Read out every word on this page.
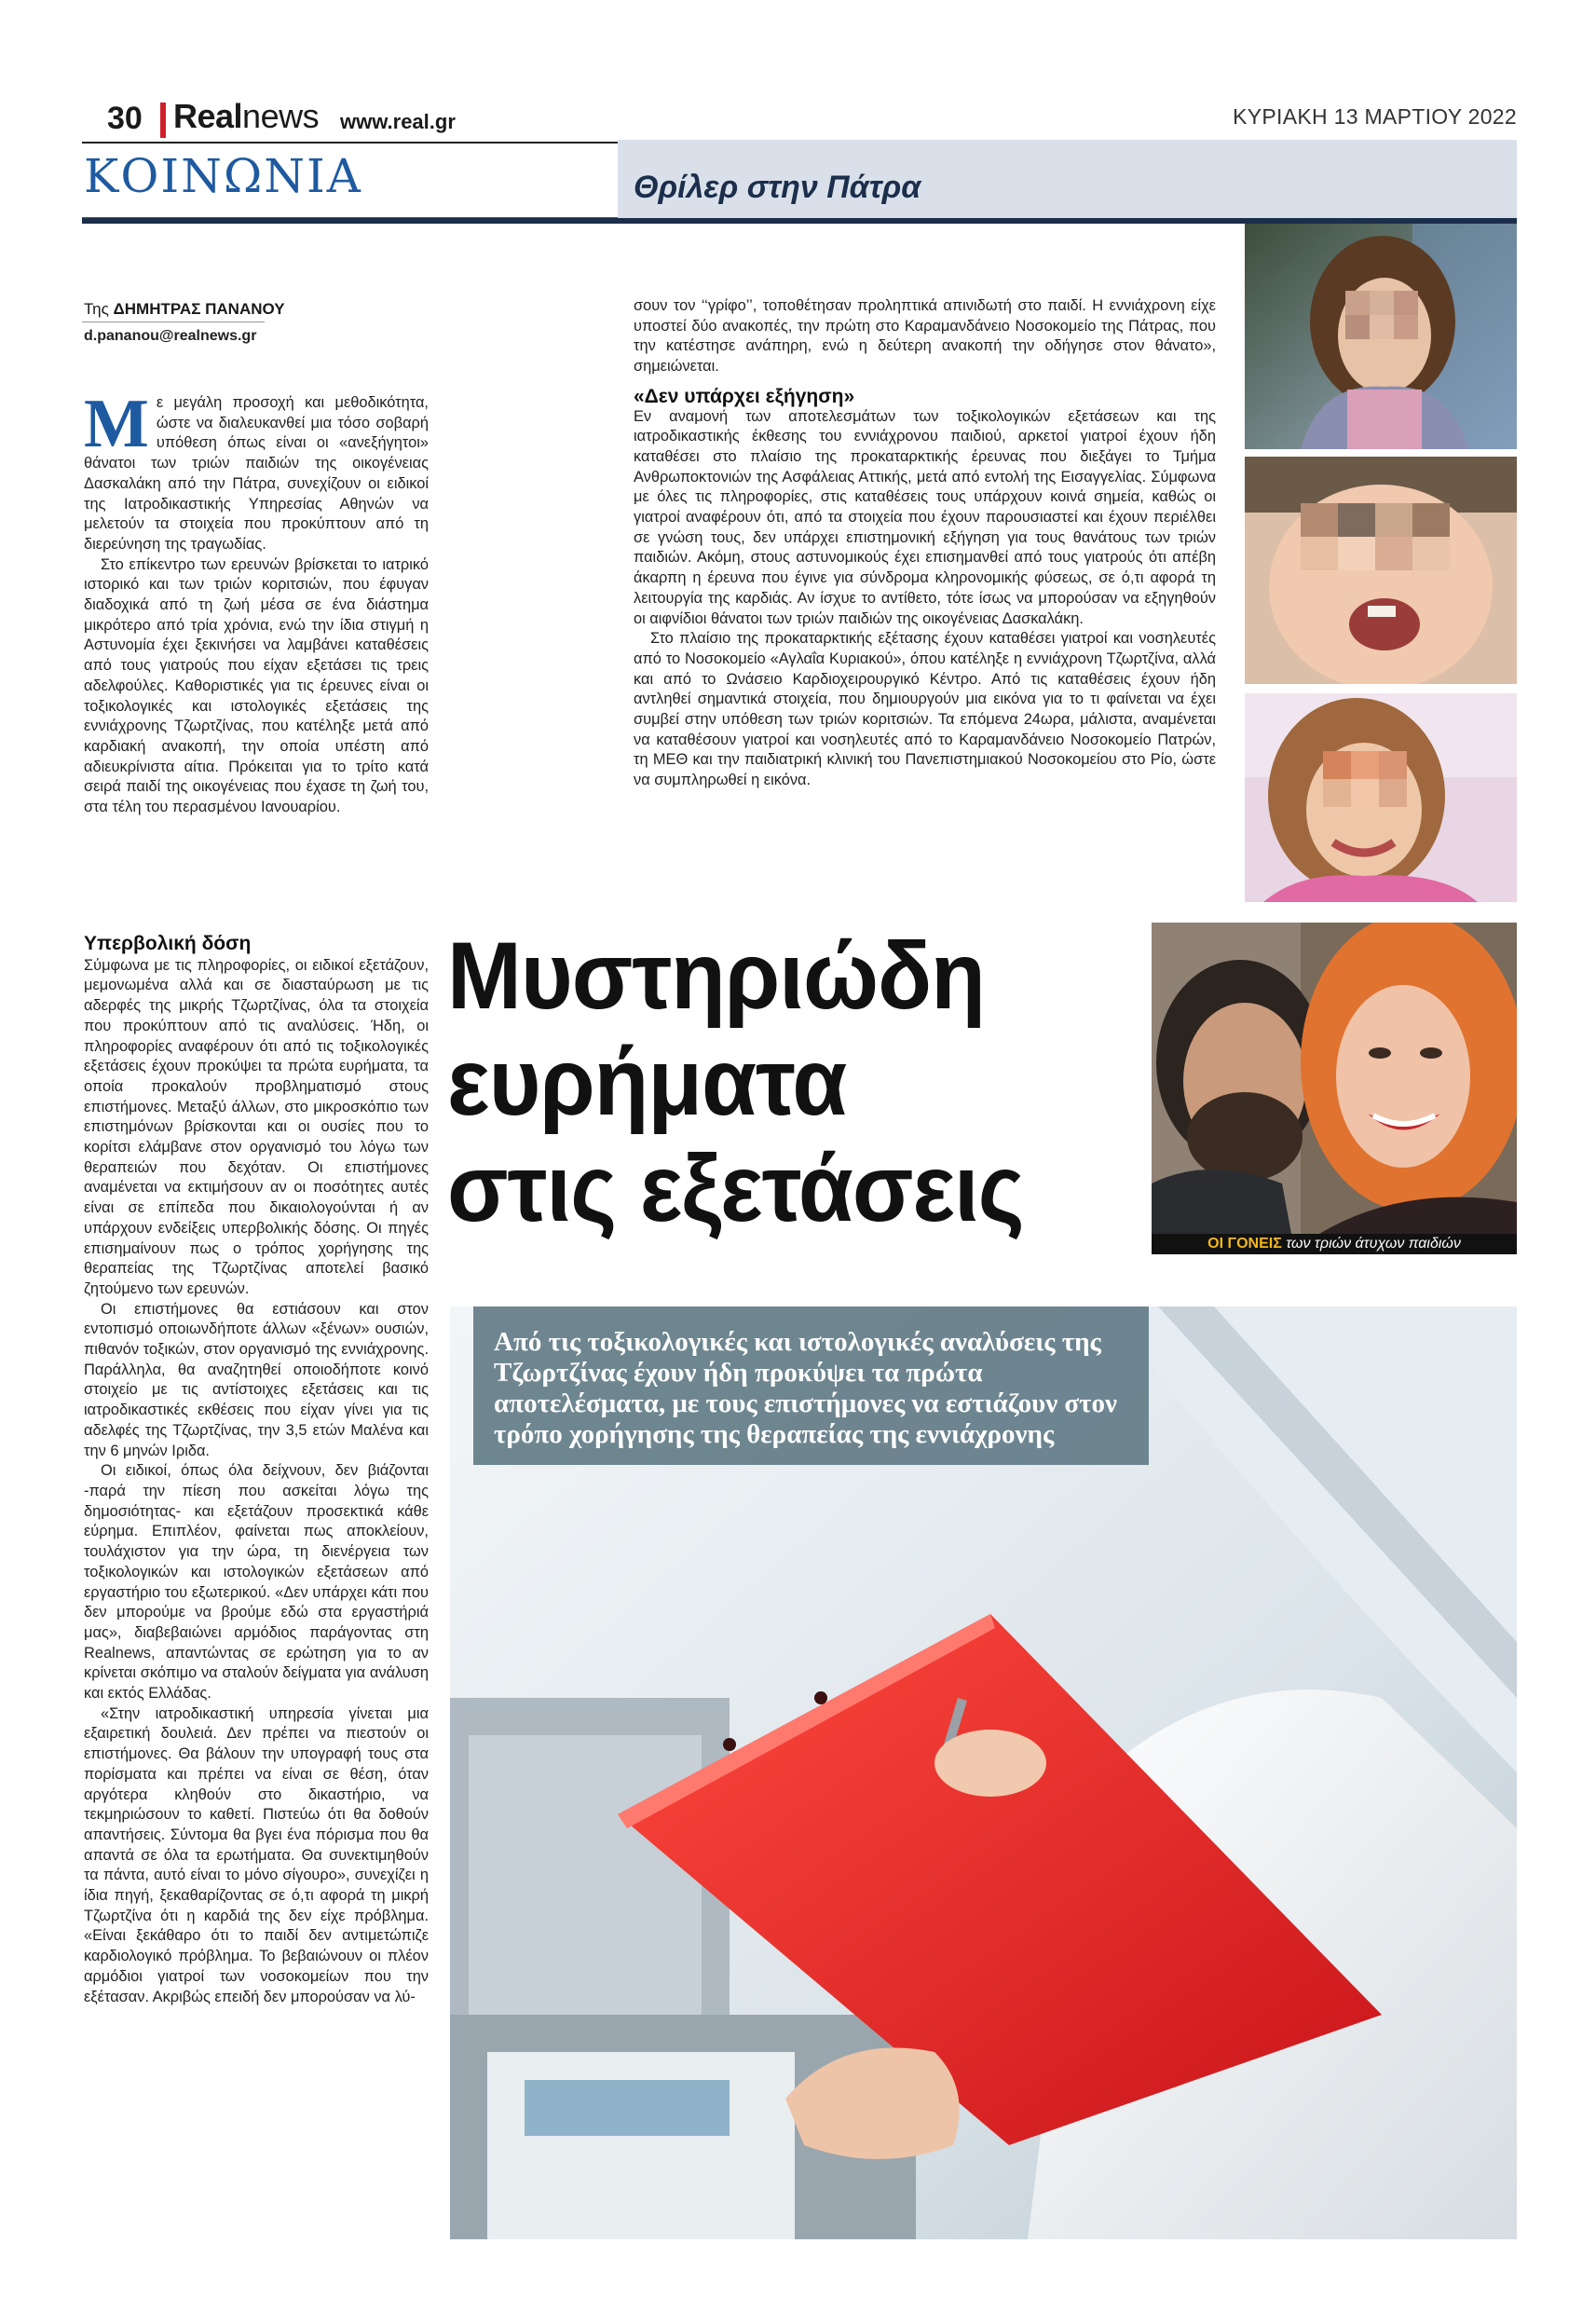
30 Realnews www.real.gr	ΚΥΡΙΑΚΗ 13 ΜΑΡΤΙΟΥ 2022
ΚΟΙΝΩΝΙΑ	Θρίλερ στην Πάτρα
Της ΔΗΜΗΤΡΑΣ ΠΑΝΑΝΟΥ
d.pananou@realnews.gr
Μ ε μεγάλη προσοχή και μεθοδικότητα, ώστε να διαλευκανθεί μια τόσο σοβαρή υπόθεση όπως είναι οι «ανεξήγητοι» θάνατοι των τριών παιδιών της οικογένειας Δασκαλάκη από την Πάτρα, συνεχίζουν οι ειδικοί της Ιατροδικαστικής Υπηρεσίας Αθηνών να μελετούν τα στοιχεία που προκύπτουν από τη διερεύνηση της τραγωδίας.

Στο επίκεντρο των ερευνών βρίσκεται το ιατρικό ιστορικό και των τριών κοριτσιών, που έφυγαν διαδοχικά από τη ζωή μέσα σε ένα διάστημα μικρότερο από τρία χρόνια, ενώ την ίδια στιγμή η Αστυνομία έχει ξεκινήσει να λαμβάνει καταθέσεις από τους γιατρούς που είχαν εξετάσει τις τρεις αδελφούλες. Καθοριστικές για τις έρευνες είναι οι τοξικολογικές και ιστολογικές εξετάσεις της εννιάχρονης Τζωρτζίνας, που κατέληξε μετά από καρδιακή ανακοπή, την οποία υπέστη από αδιευκρίνιστα αίτια. Πρόκειται για το τρίτο κατά σειρά παιδί της οικογένειας που έχασε τη ζωή του, στα τέλη του περασμένου Ιανουαρίου.

Υπερβολική δόση

Σύμφωνα με τις πληροφορίες, οι ειδικοί εξετάζουν, μεμονωμένα αλλά και σε διασταύρωση με τις αδερφές της μικρής Τζωρτζίνας, όλα τα στοιχεία που προκύπτουν από τις αναλύσεις. Ήδη, οι πληροφορίες αναφέρουν ότι από τις τοξικολογικές εξετάσεις έχουν προκύψει τα πρώτα ευρήματα, τα οποία προκαλούν προβληματισμό στους επιστήμονες. Μεταξύ άλλων, στο μικροσκόπιο των επιστημόνων βρίσκονται και οι ουσίες που το κορίτσι ελάμβανε στον οργανισμό του λόγω των θεραπειών που δεχόταν. Οι επιστήμονες αναμένεται να εκτιμήσουν αν οι ποσότητες αυτές είναι σε επίπεδα που δικαιολογούνται ή αν υπάρχουν ενδείξεις υπερβολικής δόσης. Οι πηγές επισημαίνουν πως ο τρόπος χορήγησης της θεραπείας της Τζωρτζίνας αποτελεί βασικό ζητούμενο των ερευνών.

Οι επιστήμονες θα εστιάσουν και στον εντοπισμό οποιωνδήποτε άλλων «ξένων» ουσιών, πιθανόν τοξικών, στον οργανισμό της εννιάχρονης. Παράλληλα, θα αναζητηθεί οποιοδήποτε κοινό στοιχείο με τις αντίστοιχες εξετάσεις και τις ιατροδικαστικές εκθέσεις που είχαν γίνει για τις αδελφές της Τζωρτζίνας, την 3,5 ετών Μαλένα και την 6 μηνών Ιριδα.

Οι ειδικοί, όπως όλα δείχνουν, δεν βιάζονται -παρά την πίεση που ασκείται λόγω της δημοσιότητας- και εξετάζουν προσεκτικά κάθε εύρημα. Επιπλέον, φαίνεται πως αποκλείουν, τουλάχιστον για την ώρα, τη διενέργεια των τοξικολογικών και ιστολογικών εξετάσεων από εργαστήριο του εξωτερικού. «Δεν υπάρχει κάτι που δεν μπορούμε να βρούμε εδώ στα εργαστήριά μας», διαβεβαιώνει αρμόδιος παράγοντας στη Realnews, απαντώντας σε ερώτηση για το αν κρίνεται σκόπιμο να σταλούν δείγματα για ανάλυση και εκτός Ελλάδας.

«Στην ιατροδικαστική υπηρεσία γίνεται μια εξαιρετική δουλειά. Δεν πρέπει να πιεστούν οι επιστήμονες. Θα βάλουν την υπογραφή τους στα πορίσματα και πρέπει να είναι σε θέση, όταν αργότερα κληθούν στο δικαστήριο, να τεκμηριώσουν το καθετί. Πιστεύω ότι θα δοθούν απαντήσεις. Σύντομα θα βγει ένα πόρισμα που θα απαντά σε όλα τα ερωτήματα. Θα συνεκτιμηθούν τα πάντα, αυτό είναι το μόνο σίγουρο», συνεχίζει η ίδια πηγή, ξεκαθαρίζοντας σε ό,τι αφορά τη μικρή Τζωρτζίνα ότι η καρδιά της δεν είχε πρόβλημα. «Είναι ξεκάθαρο ότι το παιδί δεν αντιμετώπιζε καρδιολογικό πρόβλημα. Το βεβαιώνουν οι πλέον αρμόδιοι γιατροί των νοσοκομείων που την εξέτασαν. Ακριβώς επειδή δεν μπορούσαν να λύ-

σουν τον ‘‘γρίφο’’, τοποθέτησαν προληπτικά απινιδωτή στο παιδί. Η εννιάχρονη είχε υποστεί δύο ανακοπές, την πρώτη στο Καραμανδάνειο Νοσοκομείο της Πάτρας, που την κατέστησε ανάπηρη, ενώ η δεύτερη ανακοπή την οδήγησε στον θάνατο», σημειώνεται.

«Δεν υπάρχει εξήγηση»

Εν αναμονή των αποτελεσμάτων των τοξικολογικών εξετάσεων και της ιατροδικαστικής έκθεσης του εννιάχρονου παιδιού, αρκετοί γιατροί έχουν ήδη καταθέσει στο πλαίσιο της προκαταρκτικής έρευνας που διεξάγει το Τμήμα Ανθρωποκτονιών της Ασφάλειας Αττικής, μετά από εντολή της Εισαγγελίας. Σύμφωνα με όλες τις πληροφορίες, στις καταθέσεις τους υπάρχουν κοινά σημεία, καθώς οι γιατροί αναφέρουν ότι, από τα στοιχεία που έχουν παρουσιαστεί και έχουν περιέλθει σε γνώση τους, δεν υπάρχει επιστημονική εξήγηση για τους θανάτους των τριών παιδιών. Ακόμη, στους αστυνομικούς έχει επισημανθεί από τους γιατρούς ότι απέβη άκαρπη η έρευνα που έγινε για σύνδρομα κληρονομικής φύσεως, σε ό,τι αφορά τη λειτουργία της καρδιάς. Αν ίσχυε το αντίθετο, τότε ίσως να μπορούσαν να εξηγηθούν οι αιφνίδιοι θάνατοι των τριών παιδιών της οικογένειας Δασκαλάκη.

Στο πλαίσιο της προκαταρκτικής εξέτασης έχουν καταθέσει γιατροί και νοσηλευτές από το Νοσοκομείο «Αγλαΐα Κυριακού», όπου κατέληξε η εννιάχρονη Τζωρτζίνα, αλλά και από το Ωνάσειο Καρδιοχειρουργικό Κέντρο. Από τις καταθέσεις έχουν ήδη αντληθεί σημαντικά στοιχεία, που δημιουργούν μια εικόνα για το τι φαίνεται να έχει συμβεί στην υπόθεση των τριών κοριτσιών. Τα επόμενα 24ωρα, μάλιστα, αναμένεται να καταθέσουν γιατροί και νοσηλευτές από το Καραμανδάνειο Νοσοκομείο Πατρών, τη ΜΕΘ και την παιδιατρική κλινική του Πανεπιστημιακού Νοσοκομείου στο Ρίο, ώστε να συμπληρωθεί η εικόνα.

Μυστηριώδη
ευρήματα
στις εξετάσεις
ΟΙ ΓΟΝΕΙΣ των τριών άτυχων παιδιών
Από τις τοξικολογικές και ιστολογικές αναλύσεις της Τζωρτζίνας έχουν ήδη προκύψει τα πρώτα αποτελέσματα, με τους επιστήμονες να εστιάζουν στον τρόπο χορήγησης της θεραπείας της εννιάχρονης
